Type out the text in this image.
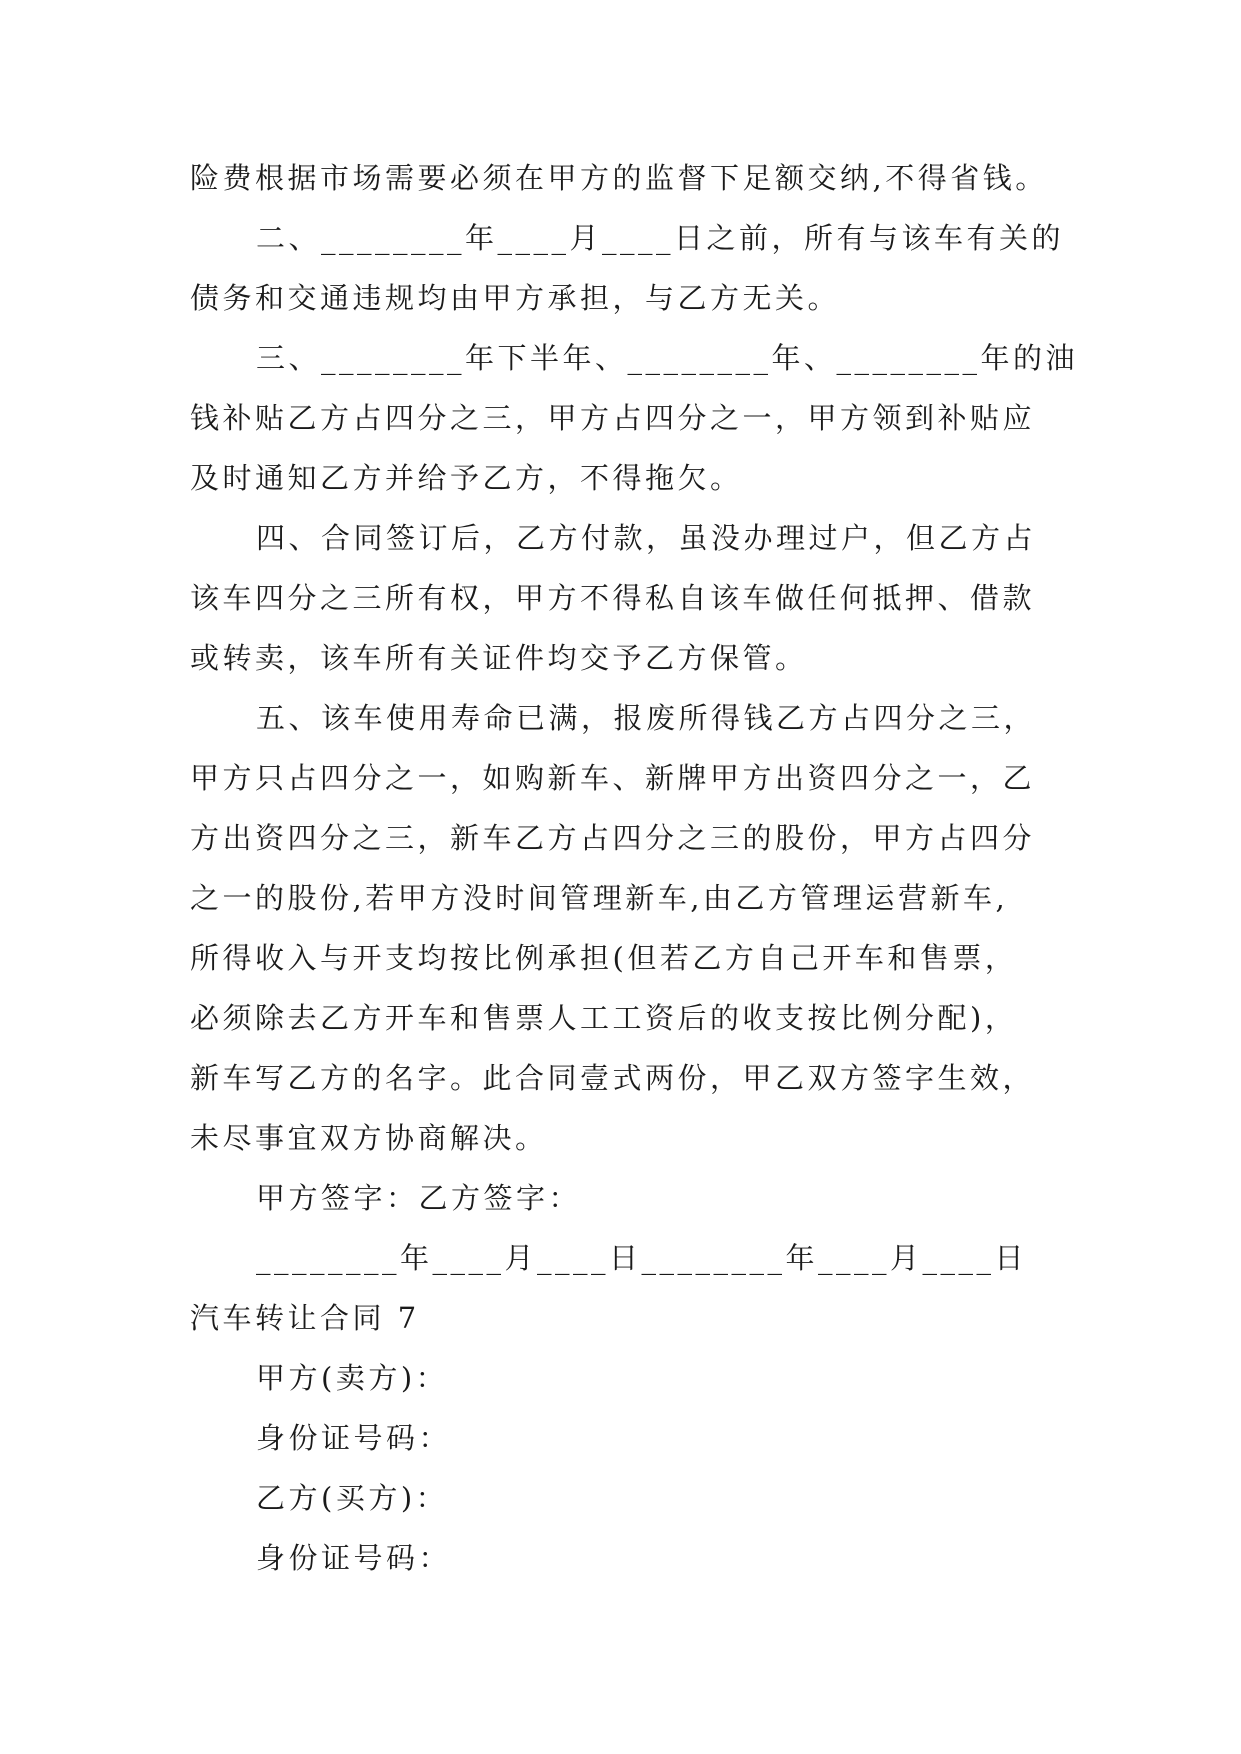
险费根据市场需要必须在甲方的监督下足额交纳,不得省钱。
二、________年____月____日之前，所有与该车有关的
债务和交通违规均由甲方承担，与乙方无关。
三、________年下半年、________年、________年的油
钱补贴乙方占四分之三，甲方占四分之一，甲方领到补贴应
及时通知乙方并给予乙方，不得拖欠。
四、合同签订后，乙方付款，虽没办理过户，但乙方占
该车四分之三所有权，甲方不得私自该车做任何抵押、借款
或转卖，该车所有关证件均交予乙方保管。
五、该车使用寿命已满，报废所得钱乙方占四分之三，
甲方只占四分之一，如购新车、新牌甲方出资四分之一，乙
方出资四分之三，新车乙方占四分之三的股份，甲方占四分
之一的股份,若甲方没时间管理新车,由乙方管理运营新车,
所得收入与开支均按比例承担(但若乙方自己开车和售票，
必须除去乙方开车和售票人工工资后的收支按比例分配)，
新车写乙方的名字。此合同壹式两份，甲乙双方签字生效，
未尽事宜双方协商解决。
甲方签字：乙方签字：
________年____月____日________年____月____日
汽车转让合同 7
甲方(卖方)：
身份证号码：
乙方(买方)：
身份证号码：
